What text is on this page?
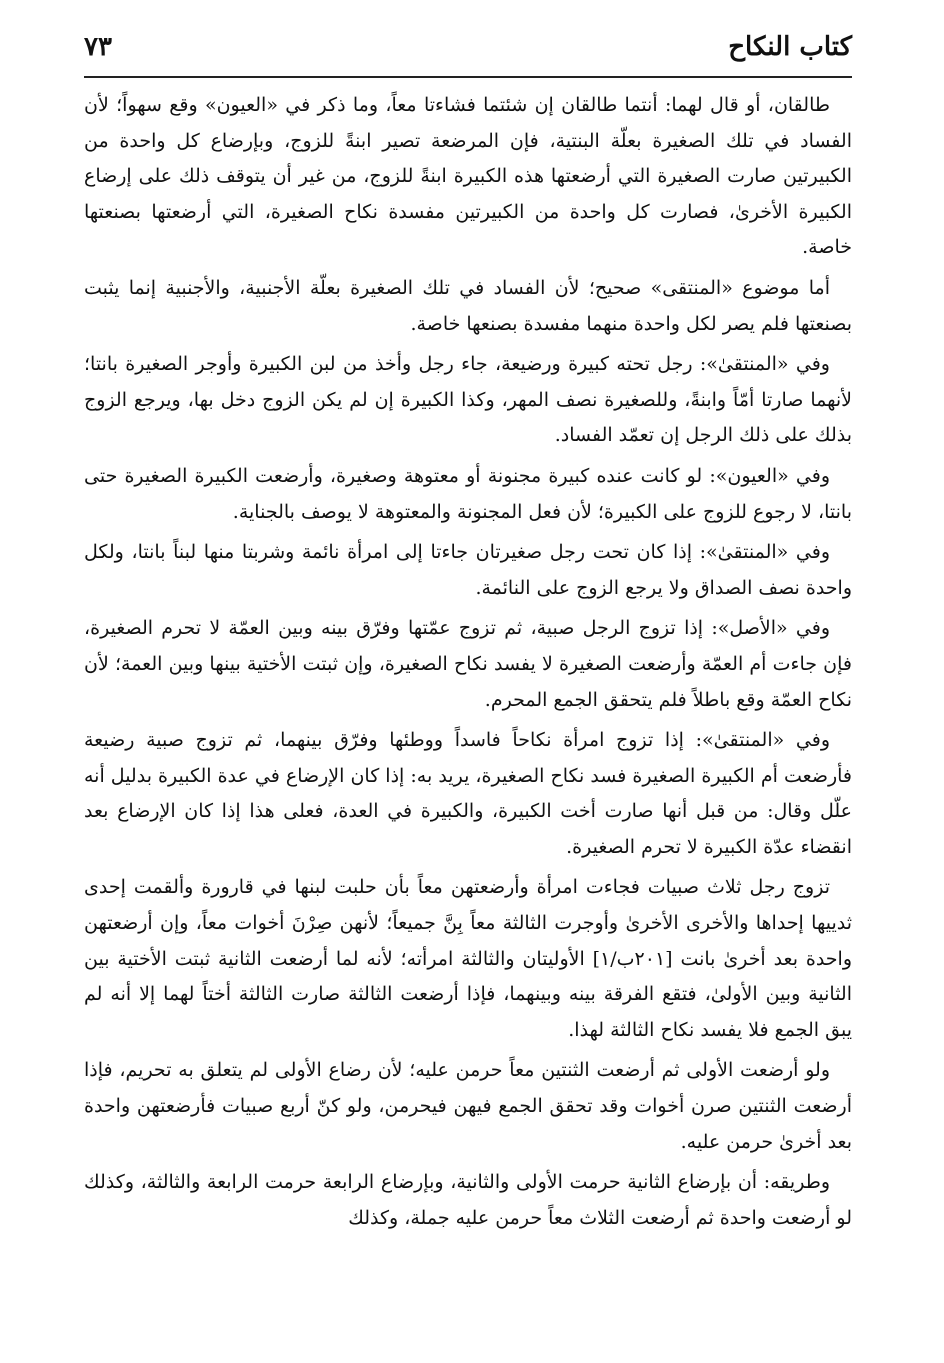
كتاب النكاح
٧٣

طالقان، أو قال لهما: أنتما طالقان إن شئتما فشاءتا معاً، وما ذكر في «العيون» وقع سهواً؛ لأن الفساد في تلك الصغيرة بعلّة البنتية، فإن المرضعة تصير ابنةً للزوج، وبإرضاع كل واحدة من الكبيرتين صارت الصغيرة التي أرضعتها هذه الكبيرة ابنةً للزوج، من غير أن يتوقف ذلك على إرضاع الكبيرة الأخرىٰ، فصارت كل واحدة من الكبيرتين مفسدة نكاح الصغيرة، التي أرضعتها بصنعتها خاصة.

أما موضوع «المنتقى» صحيح؛ لأن الفساد في تلك الصغيرة بعلّة الأجنبية، والأجنبية إنما يثبت بصنعتها فلم يصر لكل واحدة منهما مفسدة بصنعها خاصة.

وفي «المنتقىٰ»: رجل تحته كبيرة ورضيعة، جاء رجل وأخذ من لبن الكبيرة وأوجر الصغيرة بانتا؛ لأنهما صارتا أمّاً وابنةً، وللصغيرة نصف المهر، وكذا الكبيرة إن لم يكن الزوج دخل بها، ويرجع الزوج بذلك على ذلك الرجل إن تعمّد الفساد.

وفي «العيون»: لو كانت عنده كبيرة مجنونة أو معتوهة وصغيرة، وأرضعت الكبيرة الصغيرة حتى بانتا، لا رجوع للزوج على الكبيرة؛ لأن فعل المجنونة والمعتوهة لا يوصف بالجناية.

وفي «المنتقىٰ»: إذا كان تحت رجل صغيرتان جاءتا إلى امرأة نائمة وشربتا منها لبناً بانتا، ولكل واحدة نصف الصداق ولا يرجع الزوج على النائمة.

وفي «الأصل»: إذا تزوج الرجل صبية، ثم تزوج عمّتها وفرّق بينه وبين العمّة لا تحرم الصغيرة، فإن جاءت أم العمّة وأرضعت الصغيرة لا يفسد نكاح الصغيرة، وإن ثبتت الأختية بينها وبين العمة؛ لأن نكاح العمّة وقع باطلاً فلم يتحقق الجمع المحرم.

وفي «المنتقىٰ»: إذا تزوج امرأة نكاحاً فاسداً ووطئها وفرّق بينهما، ثم تزوج صبية رضيعة فأرضعت أم الكبيرة الصغيرة فسد نكاح الصغيرة، يريد به: إذا كان الإرضاع في عدة الكبيرة بدليل أنه علّل وقال: من قبل أنها صارت أخت الكبيرة، والكبيرة في العدة، فعلى هذا إذا كان الإرضاع بعد انقضاء عدّة الكبيرة لا تحرم الصغيرة.

تزوج رجل ثلاث صبيات فجاءت امرأة وأرضعتهن معاً بأن حلبت لبنها في قارورة وألقمت إحدى ثدييها إحداها والأخرى الأخرىٰ وأوجرت الثالثة معاً بِنَّ جميعاً؛ لأنهن صِرْنَ أخوات معاً، وإن أرضعتهن واحدة بعد أخرىٰ بانت [٢٠١ب/١] الأوليتان والثالثة امرأته؛ لأنه لما أرضعت الثانية ثبتت الأختية بين الثانية وبين الأولىٰ، فتقع الفرقة بينه وبينهما، فإذا أرضعت الثالثة صارت الثالثة أختاً لهما إلا أنه لم يبق الجمع فلا يفسد نكاح الثالثة لهذا.

ولو أرضعت الأولى ثم أرضعت الثنتين معاً حرمن عليه؛ لأن رضاع الأولى لم يتعلق به تحريم، فإذا أرضعت الثنتين صرن أخوات وقد تحقق الجمع فيهن فيحرمن، ولو كنّ أربع صبيات فأرضعتهن واحدة بعد أخرىٰ حرمن عليه.

وطريقه: أن بإرضاع الثانية حرمت الأولى والثانية، وبإرضاع الرابعة حرمت الرابعة والثالثة، وكذلك لو أرضعت واحدة ثم أرضعت الثلاث معاً حرمن عليه جملة، وكذلك
